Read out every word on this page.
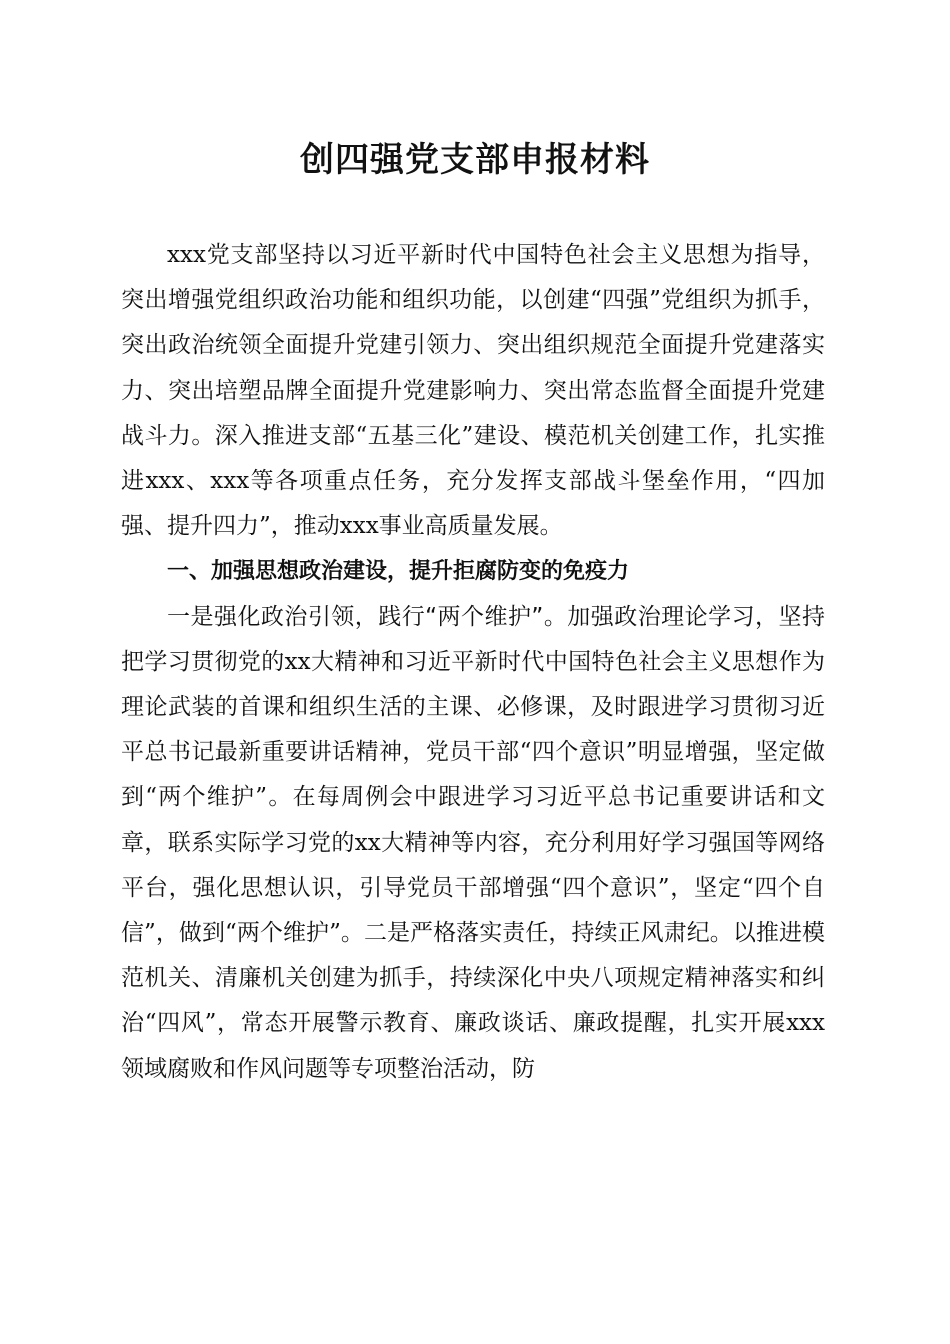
创四强党支部申报材料

xxx党支部坚持以习近平新时代中国特色社会主义思想为指导，突出增强党组织政治功能和组织功能，以创建“四强”党组织为抓手，突出政治统领全面提升党建引领力、突出组织规范全面提升党建落实力、突出培塑品牌全面提升党建影响力、突出常态监督全面提升党建战斗力。深入推进支部“五基三化”建设、模范机关创建工作，扎实推进xxx、xxx等各项重点任务，充分发挥支部战斗堡垒作用，“四加强、提升四力”，推动xxx事业高质量发展。

一、加强思想政治建设，提升拒腐防变的免疫力

一是强化政治引领，践行“两个维护”。加强政治理论学习，坚持把学习贯彻党的xx大精神和习近平新时代中国特色社会主义思想作为理论武装的首课和组织生活的主课、必修课，及时跟进学习贯彻习近平总书记最新重要讲话精神，党员干部“四个意识”明显增强，坚定做到“两个维护”。在每周例会中跟进学习习近平总书记重要讲话和文章，联系实际学习党的xx大精神等内容，充分利用好学习强国等网络平台，强化思想认识，引导党员干部增强“四个意识”，坚定“四个自信”，做到“两个维护”。二是严格落实责任，持续正风肃纪。以推进模范机关、清廉机关创建为抓手，持续深化中央八项规定精神落实和纠治“四风”，常态开展警示教育、廉政谈话、廉政提醒，扎实开展xxx领域腐败和作风问题等专项整治活动，防
